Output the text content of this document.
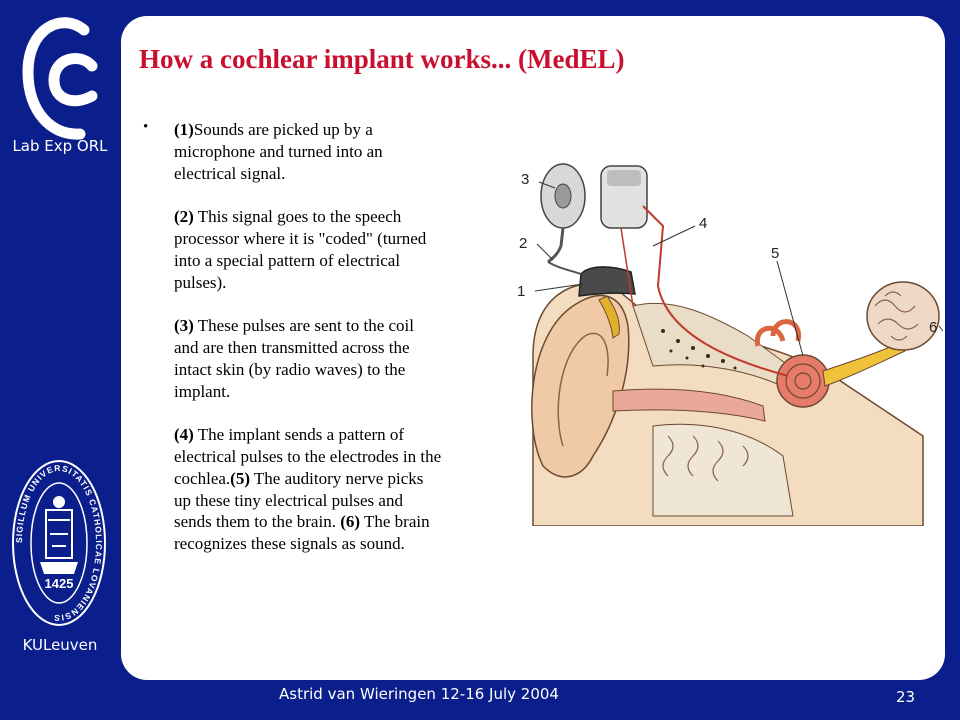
Lab Exp ORL
SIGILLUM UNIVERSITATIS CATHOLICAE LOVANIENSIS
1425
KULeuven
How a cochlear implant works... (MedEL)
• (1)Sounds are picked up by a microphone and turned into an electrical signal.

(2) This signal goes to the speech processor where it is "coded" (turned into a special pattern of electrical pulses).

(3) These pulses are sent to the coil and are then transmitted across the intact skin (by radio waves) to the implant.

(4) The implant sends a pattern of electrical pulses to the electrodes in the cochlea.(5) The auditory nerve picks up these tiny electrical pulses and sends them to the brain. (6) The brain recognizes these signals as sound.

1
2
3
4
5
6
Astrid van Wieringen 12-16 July 2004	23
